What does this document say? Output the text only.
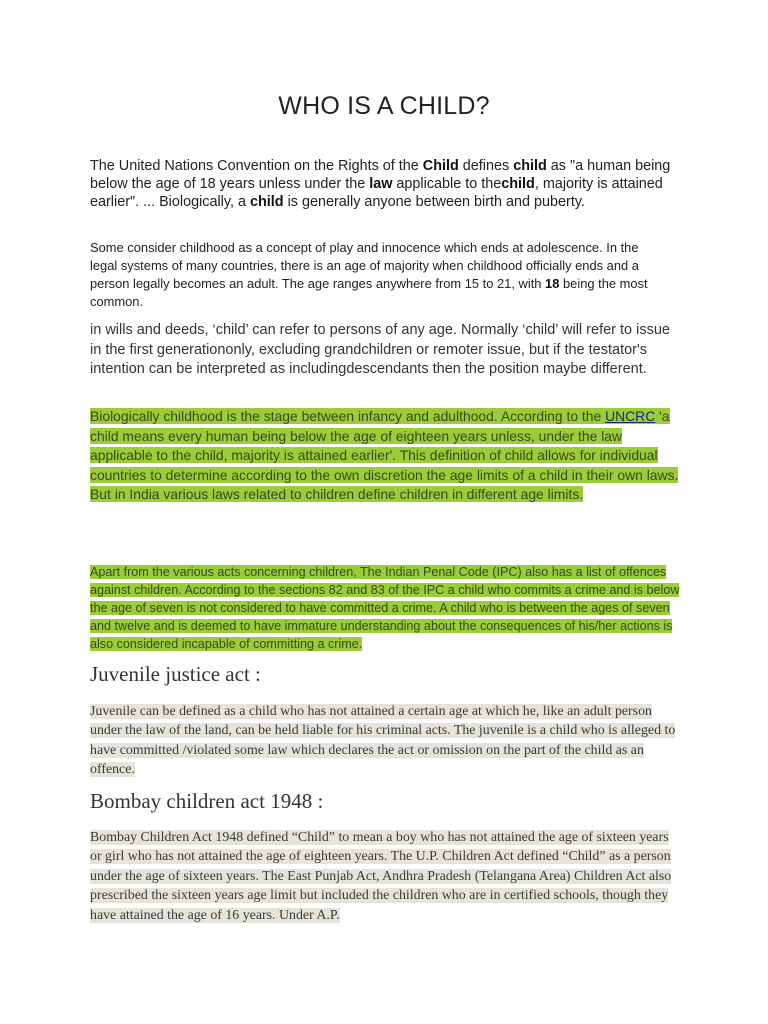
WHO IS A CHILD?
The United Nations Convention on the Rights of the Child defines child as "a human being below the age of 18 years unless under the law applicable to thechild, majority is attained earlier". ... Biologically, a child is generally anyone between birth and puberty.
Some consider childhood as a concept of play and innocence which ends at adolescence. In the legal systems of many countries, there is an age of majority when childhood officially ends and a person legally becomes an adult. The age ranges anywhere from 15 to 21, with 18 being the most common.
in wills and deeds, ‘child’ can refer to persons of any age. Normally ‘child’ will refer to issue in the first generationonly, excluding grandchildren or remoter issue, but if the testator's intention can be interpreted as includingdescendants then the position maybe different.
Biologically childhood is the stage between infancy and adulthood. According to the UNCRC 'a child means every human being below the age of eighteen years unless, under the law applicable to the child, majority is attained earlier'. This definition of child allows for individual countries to determine according to the own discretion the age limits of a child in their own laws. But in India various laws related to children define children in different age limits.
Apart from the various acts concerning children, The Indian Penal Code (IPC) also has a list of offences against children. According to the sections 82 and 83 of the IPC a child who commits a crime and is below the age of seven is not considered to have committed a crime. A child who is between the ages of seven and twelve and is deemed to have immature understanding about the consequences of his/her actions is also considered incapable of committing a crime.
Juvenile justice act :
Juvenile can be defined as a child who has not attained a certain age at which he, like an adult person under the law of the land, can be held liable for his criminal acts. The juvenile is a child who is alleged to have committed /violated some law which declares the act or omission on the part of the child as an offence.
Bombay children act 1948 :
Bombay Children Act 1948 defined “Child” to mean a boy who has not attained the age of sixteen years or girl who has not attained the age of eighteen years. The U.P. Children Act defined “Child” as a person under the age of sixteen years. The East Punjab Act, Andhra Pradesh (Telangana Area) Children Act also prescribed the sixteen years age limit but included the children who are in certified schools, though they have attained the age of 16 years. Under A.P.
